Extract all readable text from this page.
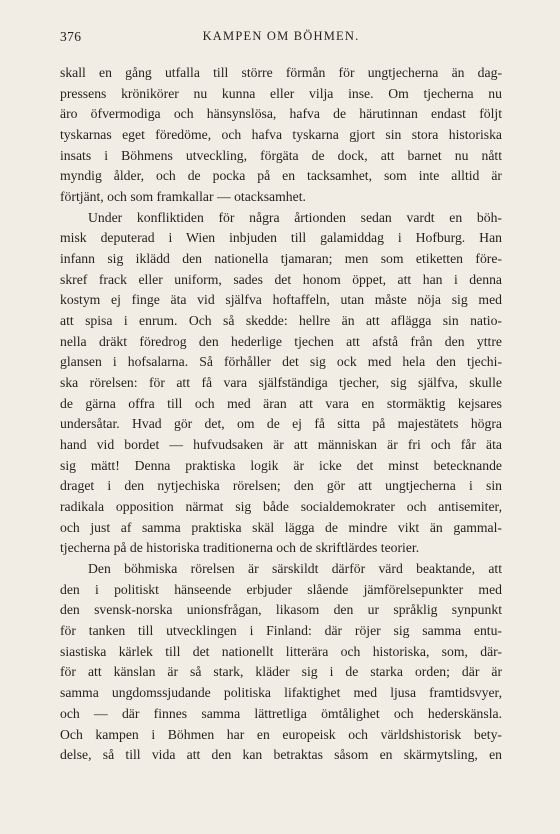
376	KAMPEN OM BÖHMEN.
skall en gång utfalla till större förmån för ungtjecherna än dag-
pressens krönikörer nu kunna eller vilja inse. Om tjecherna nu
äro öfvermodiga och hänsynslösa, hafva de härutinnan endast följt
tyskarnas eget föredöme, och hafva tyskarna gjort sin stora historiska
insats i Böhmens utveckling, förgäta de dock, att barnet nu nått
myndig ålder, och de pocka på en tacksamhet, som inte alltid är
förtjänt, och som framkallar — otacksamhet.
Under konfliktiden för några årtionden sedan vardt en böh-
misk deputerad i Wien inbjuden till galamiddag i Hofburg. Han
infann sig iklädd den nationella tjamaran; men som etiketten före-
skref frack eller uniform, sades det honom öppet, att han i denna
kostym ej finge äta vid själfva hoftaffeln, utan måste nöja sig med
att spisa i enrum. Och så skedde: hellre än att aflägga sin natio-
nella dräkt föredrog den hederlige tjechen att afstå från den yttre
glansen i hofsalarna. Så förhåller det sig ock med hela den tjechi-
ska rörelsen: för att få vara själfständiga tjecher, sig själfva, skulle
de gärna offra till och med äran att vara en stormäktig kejsares
undersåtar. Hvad gör det, om de ej få sitta på majestätets högra
hand vid bordet — hufvudsaken är att människan är fri och får äta
sig mätt! Denna praktiska logik är icke det minst betecknande
draget i den nytjechiska rörelsen; den gör att ungtjecherna i sin
radikala opposition närmat sig både socialdemokrater och antisemiter,
och just af samma praktiska skäl lägga de mindre vikt än gammal-
tjecherna på de historiska traditionerna och de skriftlärdes teorier.
Den böhmiska rörelsen är särskildt därför värd beaktande, att
den i politiskt hänseende erbjuder slående jämförelsepunkter med
den svensk-norska unionsfrågan, likasom den ur språklig synpunkt
för tanken till utvecklingen i Finland: där röjer sig samma entu-
siastiska kärlek till det nationellt litterära och historiska, som, där-
för att känslan är så stark, kläder sig i de starka orden; där är
samma ungdomssjudande politiska lifaktighet med ljusa framtidsvyer,
och — där finnes samma lättretliga ömtålighet och hederskänsla.
Och kampen i Böhmen har en europeisk och världshistorisk bety-
delse, så till vida att den kan betraktas såsom en skärmytsling, en
